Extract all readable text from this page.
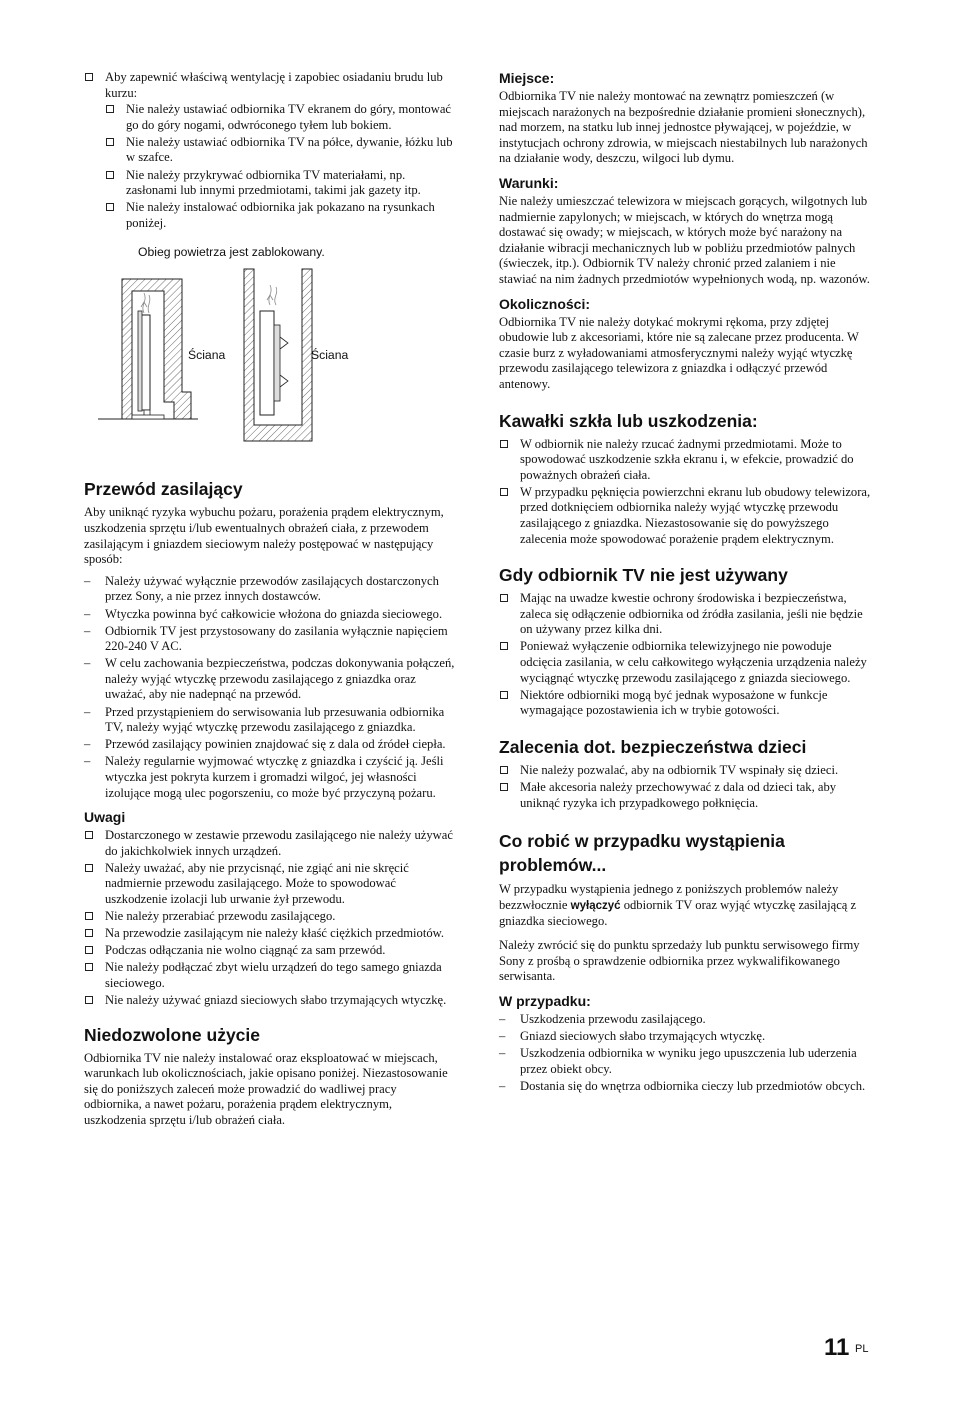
Aby zapewnić właściwą wentylację i zapobiec osiadaniu brudu lub kurzu:
Nie należy ustawiać odbiornika TV ekranem do góry, montować go do góry nogami, odwróconego tyłem lub bokiem.
Nie należy ustawiać odbiornika TV na półce, dywanie, łóżku lub w szafce.
Nie należy przykrywać odbiornika TV materiałami, np. zasłonami lub innymi przedmiotami, takimi jak gazety itp.
Nie należy instalować odbiornika jak pokazano na rysunkach poniżej.
Obieg powietrza jest zablokowany.
Ściana	Ściana
Przewód zasilający

Aby uniknąć ryzyka wybuchu pożaru, porażenia prądem elektrycznym, uszkodzenia sprzętu i/lub ewentualnych obrażeń ciała, z przewodem zasilającym i gniazdem sieciowym należy postępować w następujący sposób:

– Należy używać wyłącznie przewodów zasilających dostarczonych przez Sony, a nie przez innych dostawców.
– Wtyczka powinna być całkowicie włożona do gniazda sieciowego.
– Odbiornik TV jest przystosowany do zasilania wyłącznie napięciem 220-240 V AC.
– W celu zachowania bezpieczeństwa, podczas dokonywania połączeń, należy wyjąć wtyczkę przewodu zasilającego z gniazdka oraz uważać, aby nie nadepnąć na przewód.
– Przed przystąpieniem do serwisowania lub przesuwania odbiornika TV, należy wyjąć wtyczkę przewodu zasilającego z gniazdka.
– Przewód zasilający powinien znajdować się z dala od źródeł ciepła.
– Należy regularnie wyjmować wtyczkę z gniazdka i czyścić ją. Jeśli wtyczka jest pokryta kurzem i gromadzi wilgoć, jej własności izolujące mogą ulec pogorszeniu, co może być przyczyną pożaru.
Uwagi
Dostarczonego w zestawie przewodu zasilającego nie należy używać do jakichkolwiek innych urządzeń.
Należy uważać, aby nie przycisnąć, nie zgiąć ani nie skręcić nadmiernie przewodu zasilającego. Może to spowodować uszkodzenie izolacji lub urwanie żył przewodu.
Nie należy przerabiać przewodu zasilającego.
Na przewodzie zasilającym nie należy kłaść ciężkich przedmiotów.
Podczas odłączania nie wolno ciągnąć za sam przewód.
Nie należy podłączać zbyt wielu urządzeń do tego samego gniazda sieciowego.
Nie należy używać gniazd sieciowych słabo trzymających wtyczkę.
Niedozwolone użycie

Odbiornika TV nie należy instalować oraz eksploatować w miejscach, warunkach lub okolicznościach, jakie opisano poniżej. Niezastosowanie się do poniższych zaleceń może prowadzić do wadliwej pracy odbiornika, a nawet pożaru, porażenia prądem elektrycznym, uszkodzenia sprzętu i/lub obrażeń ciała.

Miejsce:

Odbiornika TV nie należy montować na zewnątrz pomieszczeń (w miejscach narażonych na bezpośrednie działanie promieni słonecznych), nad morzem, na statku lub innej jednostce pływającej, w pojeździe, w instytucjach ochrony zdrowia, w miejscach niestabilnych lub narażonych na działanie wody, deszczu, wilgoci lub dymu.

Warunki:

Nie należy umieszczać telewizora w miejscach gorących, wilgotnych lub nadmiernie zapylonych; w miejscach, w których do wnętrza mogą dostawać się owady; w miejscach, w których może być narażony na działanie wibracji mechanicznych lub w pobliżu przedmiotów palnych (świeczek, itp.). Odbiornik TV należy chronić przed zalaniem i nie stawiać na nim żadnych przedmiotów wypełnionych wodą, np. wazonów.

Okoliczności:

Odbiornika TV nie należy dotykać mokrymi rękoma, przy zdjętej obudowie lub z akcesoriami, które nie są zalecane przez producenta. W czasie burz z wyładowaniami atmosferycznymi należy wyjąć wtyczkę przewodu zasilającego telewizora z gniazdka i odłączyć przewód antenowy.

Kawałki szkła lub uszkodzenia:
W odbiornik nie należy rzucać żadnymi przedmiotami. Może to spowodować uszkodzenie szkła ekranu i, w efekcie, prowadzić do poważnych obrażeń ciała.
W przypadku pęknięcia powierzchni ekranu lub obudowy telewizora, przed dotknięciem odbiornika należy wyjąć wtyczkę przewodu zasilającego z gniazdka. Niezastosowanie się do powyższego zalecenia może spowodować porażenie prądem elektrycznym.
Gdy odbiornik TV nie jest używany
Mając na uwadze kwestie ochrony środowiska i bezpieczeństwa, zaleca się odłączenie odbiornika od źródła zasilania, jeśli nie będzie on używany przez kilka dni.
Ponieważ wyłączenie odbiornika telewizyjnego nie powoduje odcięcia zasilania, w celu całkowitego wyłączenia urządzenia należy wyciągnąć wtyczkę przewodu zasilającego z gniazda sieciowego.
Niektóre odbiorniki mogą być jednak wyposażone w funkcje wymagające pozostawienia ich w trybie gotowości.
Zalecenia dot. bezpieczeństwa dzieci
Nie należy pozwalać, aby na odbiornik TV wspinały się dzieci.
Małe akcesoria należy przechowywać z dala od dzieci tak, aby uniknąć ryzyka ich przypadkowego połknięcia.
Co robić w przypadku wystąpienia problemów...

W przypadku wystąpienia jednego z poniższych problemów należy bezzwłocznie wyłączyć odbiornik TV oraz wyjąć wtyczkę zasilającą z gniazdka sieciowego.

Należy zwrócić się do punktu sprzedaży lub punktu serwisowego firmy Sony z prośbą o sprawdzenie odbiornika przez wykwalifikowanego serwisanta.

W przypadku:
– Uszkodzenia przewodu zasilającego.
– Gniazd sieciowych słabo trzymających wtyczkę.
– Uszkodzenia odbiornika w wyniku jego upuszczenia lub uderzenia przez obiekt obcy.
– Dostania się do wnętrza odbiornika cieczy lub przedmiotów obcych.
11 PL
